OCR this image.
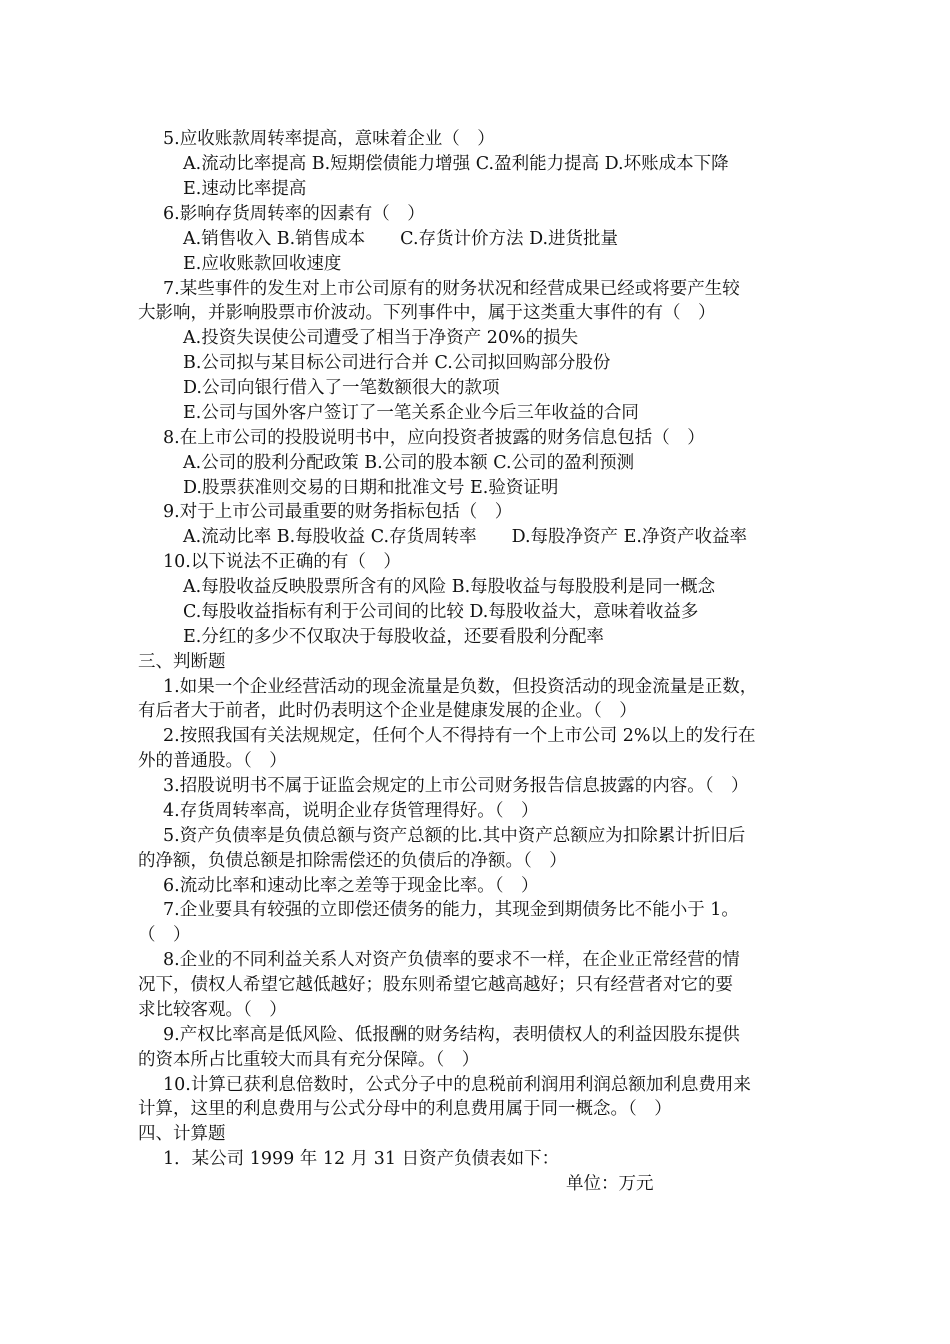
5.应收账款周转率提高，意味着企业（　）
A.流动比率提高 B.短期偿债能力增强 C.盈利能力提高 D.坏账成本下降
E.速动比率提高
6.影响存货周转率的因素有（　）
A.销售收入 B.销售成本　　C.存货计价方法 D.进货批量
E.应收账款回收速度
7.某些事件的发生对上市公司原有的财务状况和经营成果已经或将要产生较
大影响，并影响股票市价波动。下列事件中，属于这类重大事件的有（　）
A.投资失误使公司遭受了相当于净资产 20%的损失
B.公司拟与某目标公司进行合并 C.公司拟回购部分股份
D.公司向银行借入了一笔数额很大的款项
E.公司与国外客户签订了一笔关系企业今后三年收益的合同
8.在上市公司的投股说明书中，应向投资者披露的财务信息包括（　）
A.公司的股利分配政策 B.公司的股本额 C.公司的盈利预测
D.股票获准则交易的日期和批准文号 E.验资证明
9.对于上市公司最重要的财务指标包括（　）
A.流动比率 B.每股收益 C.存货周转率　　D.每股净资产 E.净资产收益率
10.以下说法不正确的有（　）
A.每股收益反映股票所含有的风险 B.每股收益与每股股利是同一概念
C.每股收益指标有利于公司间的比较 D.每股收益大，意味着收益多
E.分红的多少不仅取决于每股收益，还要看股利分配率
三、判断题
1.如果一个企业经营活动的现金流量是负数，但投资活动的现金流量是正数，
有后者大于前者，此时仍表明这个企业是健康发展的企业。（　）
2.按照我国有关法规规定，任何个人不得持有一个上市公司 2%以上的发行在
外的普通股。（　）
3.招股说明书不属于证监会规定的上市公司财务报告信息披露的内容。（　）
4.存货周转率高，说明企业存货管理得好。（　）
5.资产负债率是负债总额与资产总额的比.其中资产总额应为扣除累计折旧后
的净额，负债总额是扣除需偿还的负债后的净额。（　）
6.流动比率和速动比率之差等于现金比率。（　）
7.企业要具有较强的立即偿还债务的能力，其现金到期债务比不能小于 1。
（　）
8.企业的不同利益关系人对资产负债率的要求不一样，在企业正常经营的情
况下，债权人希望它越低越好；股东则希望它越高越好；只有经营者对它的要
求比较客观。（　）
9.产权比率高是低风险、低报酬的财务结构，表明债权人的利益因股东提供
的资本所占比重较大而具有充分保障。（　）
10.计算已获利息倍数时，公式分子中的息税前利润用利润总额加利息费用来
计算，这里的利息费用与公式分母中的利息费用属于同一概念。（　）
四、计算题
1．某公司 1999 年 12 月 31 日资产负债表如下：
单位：万元
